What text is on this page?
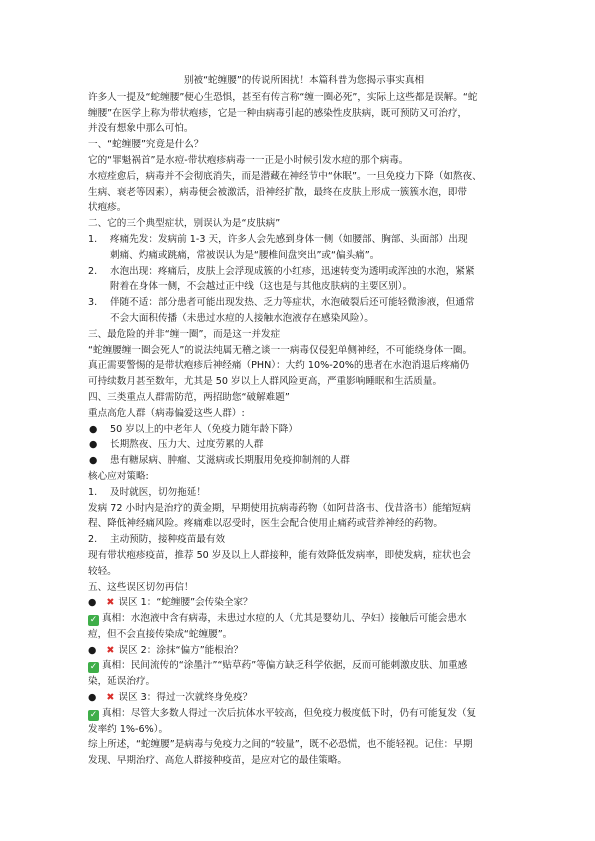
别被“蛇缠腰”的传说所困扰！本篇科普为您揭示事实真相
许多人一提及“蛇缠腰”便心生恐惧，甚至有传言称“缠一圈必死”，实际上这些都是误解。“蛇
缠腰”在医学上称为带状疱疹，它是一种由病毒引起的感染性皮肤病，既可预防又可治疗，
并没有想象中那么可怕。
一、“蛇缠腰”究竟是什么？
它的“罪魁祸首”是水痘-带状疱疹病毒一一正是小时候引发水痘的那个病毒。
水痘痊愈后，病毒并不会彻底消失，而是潜藏在神经节中“休眠”。一旦免疫力下降（如熬夜、
生病、衰老等因素），病毒便会被激活，沿神经扩散，最终在皮肤上形成一簇簇水泡，即带
状疱疹。
二、它的三个典型症状，别误认为是“皮肤病”
1. 疼痛先发：发病前 1-3 天，许多人会先感到身体一侧（如腰部、胸部、头面部）出现
刺痛、灼痛或跳痛，常被误认为是“腰椎间盘突出”或“偏头痛”。
2. 水泡出现：疼痛后，皮肤上会浮现成簇的小红疹，迅速转变为透明或浑浊的水泡，紧紧
附着在身体一侧，不会越过正中线（这也是与其他皮肤病的主要区别）。
3. 伴随不适：部分患者可能出现发热、乏力等症状，水泡破裂后还可能轻微渗液，但通常
不会大面积传播（未患过水痘的人接触水泡液存在感染风险）。
三、最危险的并非“缠一圈”，而是这一并发症
“蛇缠腰缠一圈会死人”的说法纯属无稽之谈一一病毒仅侵犯单侧神经，不可能绕身体一圈。
真正需要警惕的是带状疱疹后神经痛（PHN）：大约 10%-20%的患者在水泡消退后疼痛仍
可持续数月甚至数年，尤其是 50 岁以上人群风险更高，严重影响睡眠和生活质量。
四、三类重点人群需防范，两招助您“破解难题”
重点高危人群（病毒偏爱这些人群）:
● 50 岁以上的中老年人（免疫力随年龄下降）
● 长期熬夜、压力大、过度劳累的人群
● 患有糖尿病、肿瘤、艾滋病或长期服用免疫抑制剂的人群
核心应对策略:
1. 及时就医，切勿拖延！
发病 72 小时内是治疗的黄金期，早期使用抗病毒药物（如阿昔洛韦、伐昔洛韦）能缩短病
程、降低神经痛风险。疼痛难以忍受时，医生会配合使用止痛药或营养神经的药物。
2. 主动预防，接种疫苗最有效
现有带状疱疹疫苗，推荐 50 岁及以上人群接种，能有效降低发病率，即使发病，症状也会
较轻。
五、这些误区切勿再信！
● ✖ 误区 1：“蛇缠腰”会传染全家？
✓ 真相：水泡液中含有病毒，未患过水痘的人（尤其是婴幼儿、孕妇）接触后可能会患水
痘，但不会直接传染成“蛇缠腰”。
● ✖ 误区 2：涂抹“偏方”能根治？
✓ 真相：民间流传的“涂墨汁”“贴草药”等偏方缺乏科学依据，反而可能刺激皮肤、加重感
染，延误治疗。
● ✖ 误区 3：得过一次就终身免疫？
✓ 真相：尽管大多数人得过一次后抗体水平较高，但免疫力极度低下时，仍有可能复发（复
发率约 1%-6%）。
综上所述，“蛇缠腰”是病毒与免疫力之间的“较量”，既不必恐慌，也不能轻视。记住：早期
发现、早期治疗、高危人群接种疫苗，是应对它的最佳策略。
